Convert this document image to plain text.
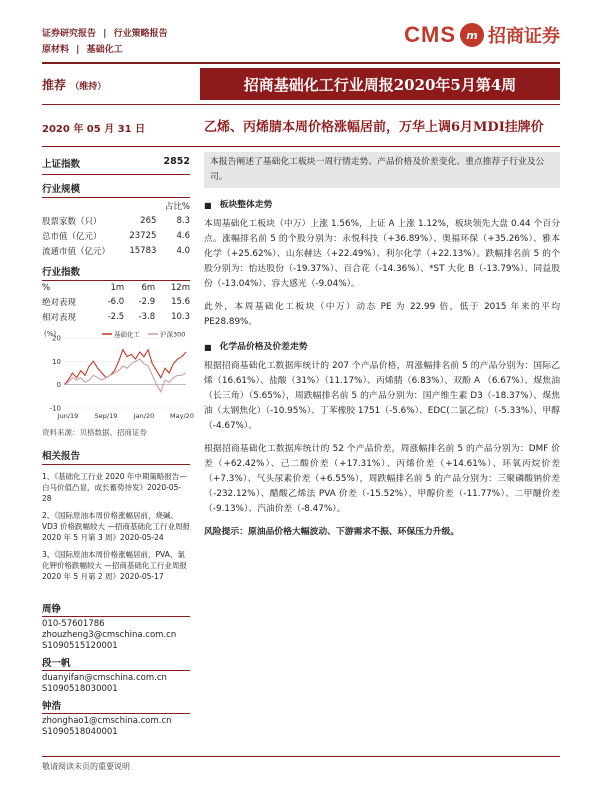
证券研究报告 | 行业策略报告
原材料 | 基础化工
CMS m 招商证券
推荐 （维持）	招商基础化工行业周报2020年5月第4周
2020 年 05 月 31 日	乙烯、丙烯腈本周价格涨幅居前，万华上调6月MDI挂牌价
上证指数	2852
行业规模
		占比%
股票家数（只）	265	8.3
总市值（亿元）	23725	4.6
流通市值（亿元）	15783	4.0
行业指数
%	1m	6m	12m
绝对表现	-6.0	-2.9	15.6
相对表现	-2.5	-3.8	10.3
(%)
-10
0
10
20
Jun/19	Sep/19	Jan/20 May/20
基础化工	沪深300
资料来源：贝格数据、招商证券
相关报告
1、《基础化工行业 2020 年中期策略报告—白马价值凸显，成长蓄势待发》2020-05-28
2、《国际原油本周价格涨幅居前，烧碱、VD3 价格跌幅较大 —招商基础化工行业周报 2020 年 5 月第 3 周》2020-05-24
3、《国际原油本周价格涨幅居前，PVA、氯化钾价格跌幅较大 —招商基础化工行业周报 2020 年 5 月第 2 周》2020-05-17
周铮
010-57601786
zhouzheng3@cmschina.com.cn
S1090515120001
段一帆
duanyifan@cmschina.com.cn
S1090518030001
钟浩
zhonghao1@cmschina.com.cn
S1090518040001
本报告阐述了基础化工板块一周行情走势、产品价格及价差变化、重点推荐子行业及公司。
■ 板块整体走势
本周基础化工板块（中万）上涨 1.56%，上证 A 上涨 1.12%，板块领先大盘 0.44 个百分点。涨幅排名前 5 的个股分别为：永悦科技（+36.89%）、奥福环保（+35.26%）、雅本化学（+25.62%）、山东赫达（+22.49%）、利尔化学（+22.13%）。跌幅排名前 5 的个股分别为：怡达股份（-19.37%）、百合花（-14.36%）、*ST 大化 B（-13.79%）、同益股份（-13.04%）、容大感光（-9.04%）。
此外，本周基础化工板块（中万）动态 PE 为 22.99 倍，低于 2015 年来的平均 PE28.89%。
■ 化学品价格及价差走势
根据招商基础化工数据库统计的 207 个产品价格，周涨幅排名前 5 的产品分别为：国际乙烯（16.61%）、盐酸（31%）（11.17%）、丙烯腈（6.83%）、双酚 A （6.67%）、煤焦油（长三角）（5.65%），周跌幅排名前 5 的产品分别为：国产维生素 D3（-18.37%）、煤焦油（太钢焦化）（-10.95%）、丁苯橡胶 1751（-5.6%）、EDC(二氯乙烷）（-5.33%）、甲醇（-4.67%）。
根据招商基础化工数据库统计的 52 个产品价差，周涨幅排名前 5 的产品分别为：DMF 价差（+62.42%）、己二酸价差（+17.31%）、丙烯价差（+14.61%）、环氧丙烷价差（+7.3%）、气头尿素价差（+6.55%），周跌幅排名前 5 的产品分别为：三聚磷酸钠价差（-232.12%）、醋酸乙烯法 PVA 价差（-15.52%）、甲醇价差（-11.77%）、二甲醚价差（-9.13%）、汽油价差（-8.47%）。
风险提示：原油品价格大幅波动、下游需求不振、环保压力升级。
敬请阅读末页的重要说明
